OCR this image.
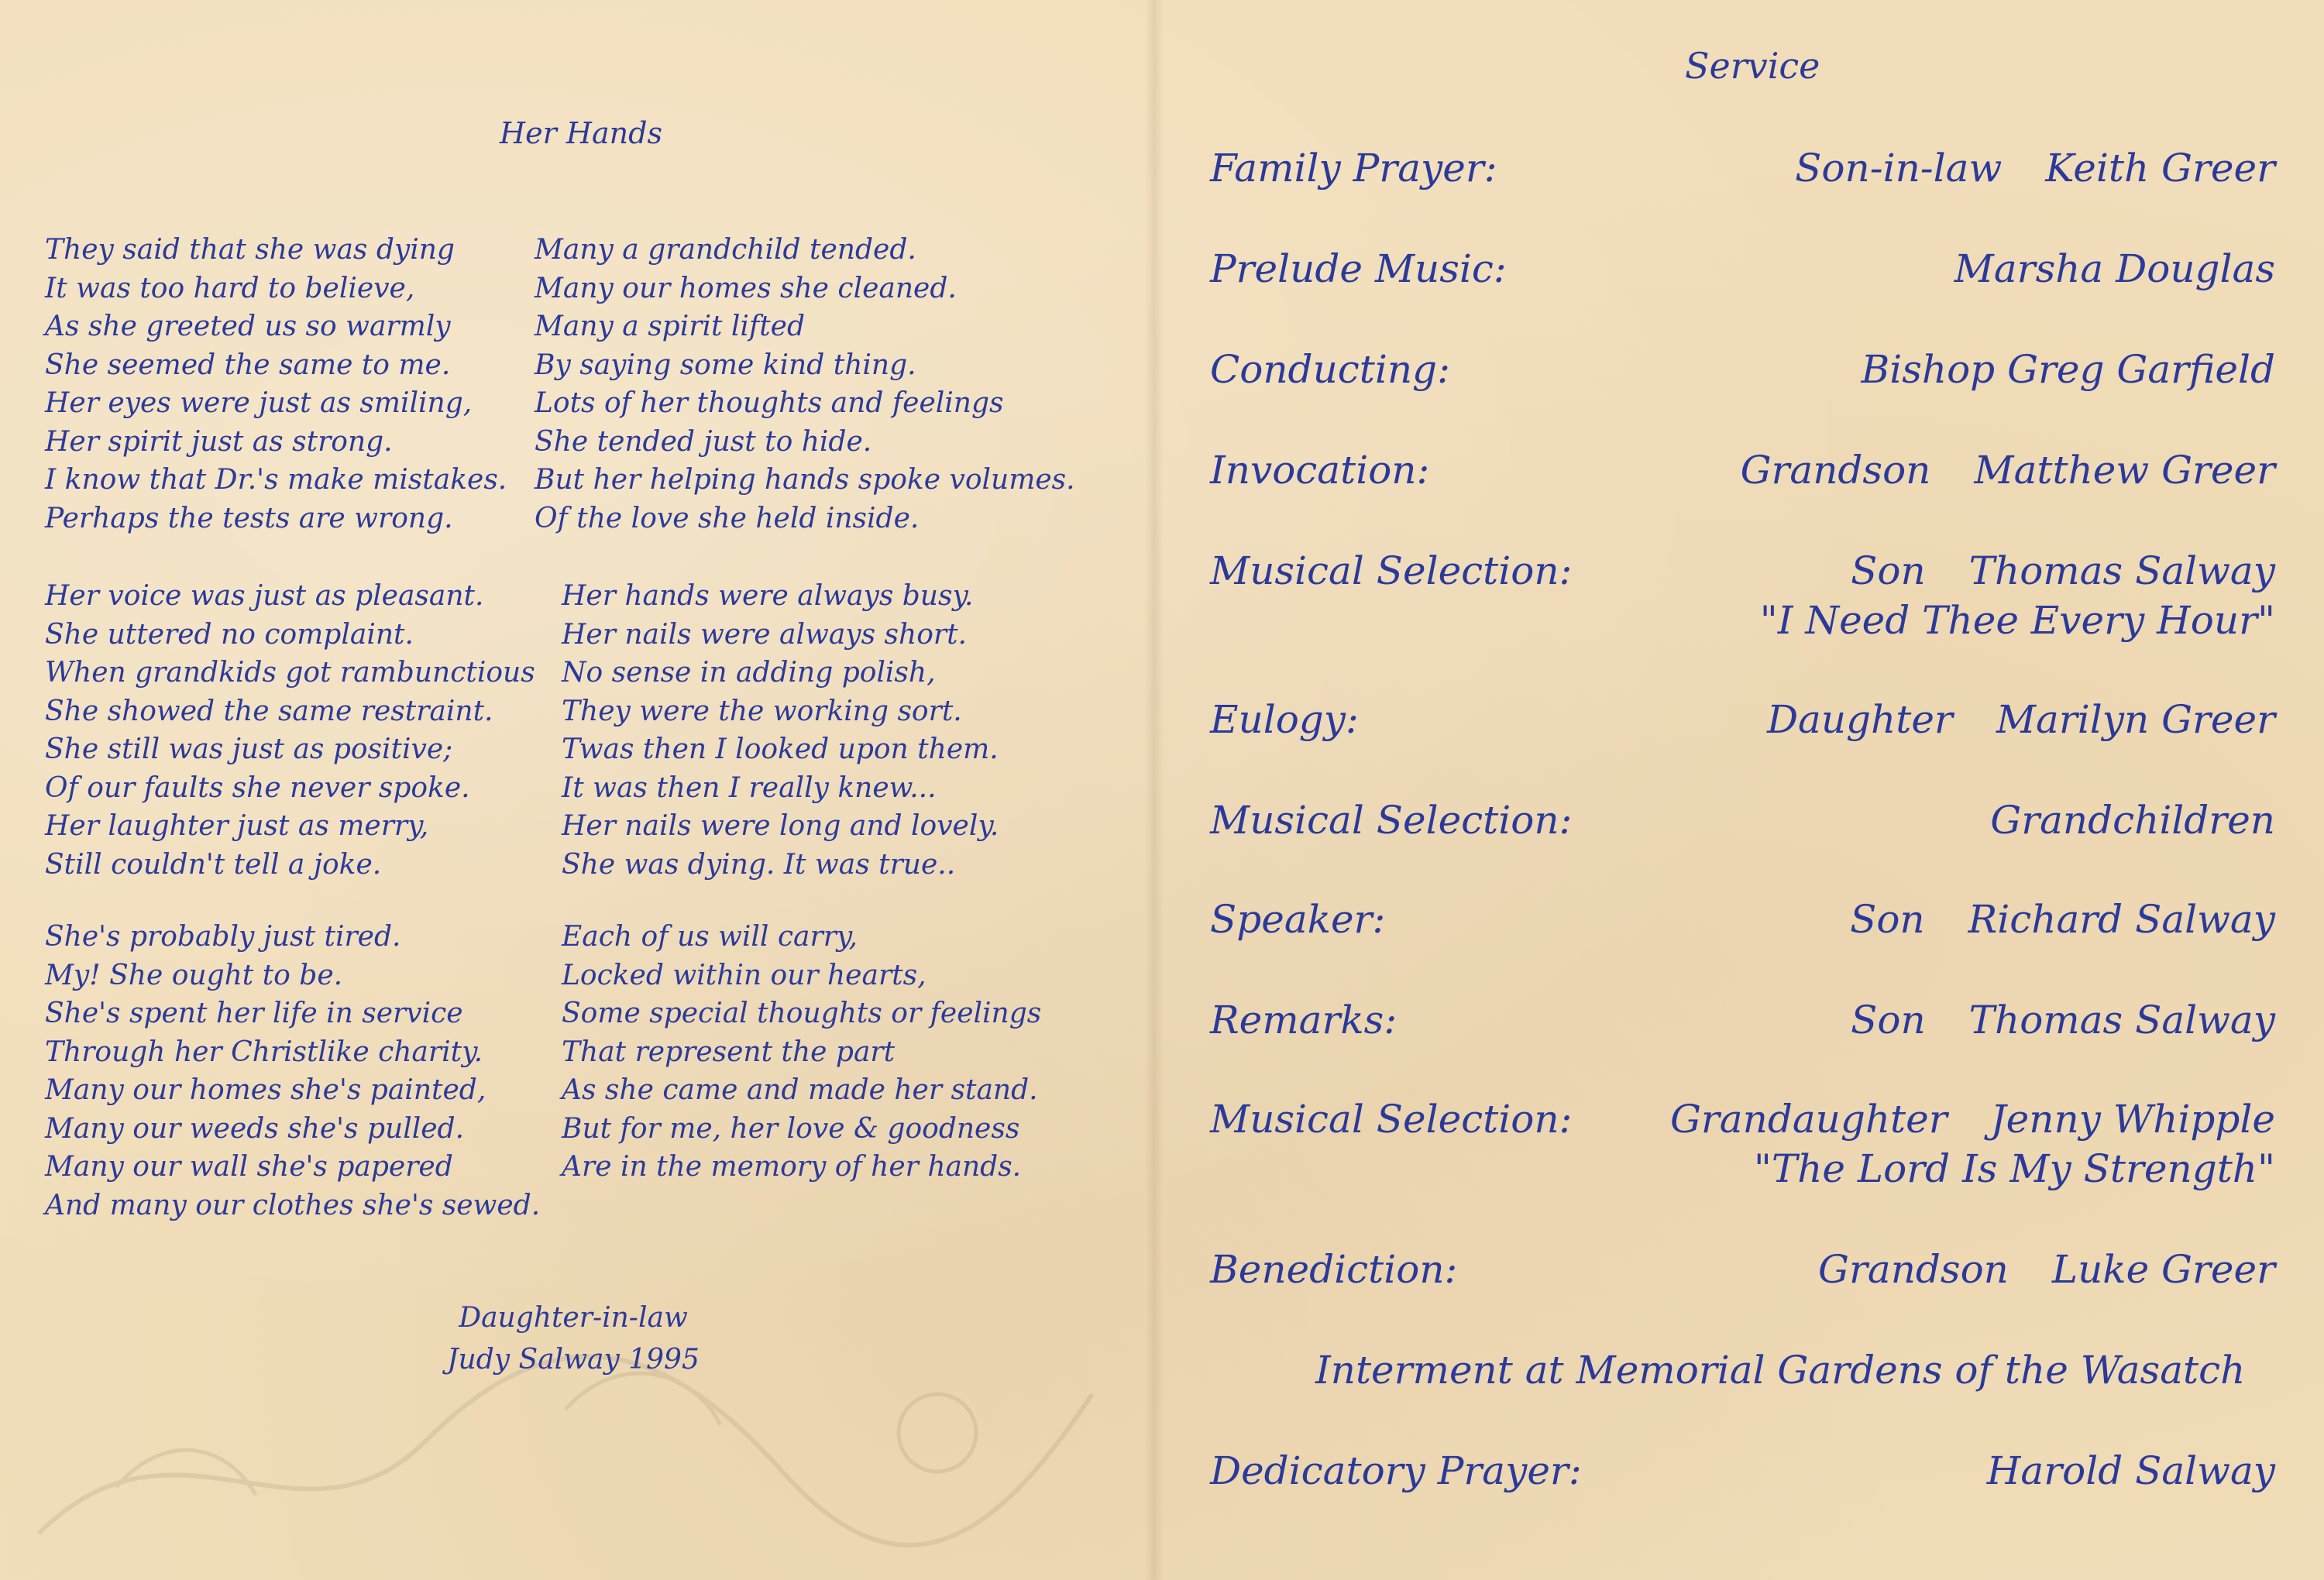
Her Hands
They said that she was dying
It was too hard to believe,
As she greeted us so warmly
She seemed the same to me.
Her eyes were just as smiling,
Her spirit just as strong.
I know that Dr.'s make mistakes.
Perhaps the tests are wrong.
Many a grandchild tended.
Many our homes she cleaned.
Many a spirit lifted
By saying some kind thing.
Lots of her thoughts and feelings
She tended just to hide.
But her helping hands spoke volumes.
Of the love she held inside.
Her voice was just as pleasant.
She uttered no complaint.
When grandkids got rambunctious
She showed the same restraint.
She still was just as positive;
Of our faults she never spoke.
Her laughter just as merry,
Still couldn't tell a joke.
Her hands were always busy.
Her nails were always short.
No sense in adding polish,
They were the working sort.
Twas then I looked upon them.
It was then I really knew...
Her nails were long and lovely.
She was dying. It was true..
She's probably just tired.
My! She ought to be.
She's spent her life in service
Through her Christlike charity.
Many our homes she's painted,
Many our weeds she's pulled.
Many our wall she's papered
And many our clothes she's sewed.
Each of us will carry,
Locked within our hearts,
Some special thoughts or feelings
That represent the part
As she came and made her stand.
But for me, her love & goodness
Are in the memory of her hands.
Daughter-in-law
Judy Salway 1995
Service
Family Prayer:	Son-in-law Keith Greer
Prelude Music:	Marsha Douglas
Conducting:	Bishop Greg Garfield
Invocation:	Grandson Matthew Greer
Musical Selection:	Son Thomas Salway
"I Need Thee Every Hour"
Eulogy:	Daughter Marilyn Greer
Musical Selection:	Grandchildren
Speaker:	Son Richard Salway
Remarks:	Son Thomas Salway
Musical Selection:	Grandaughter Jenny Whipple
"The Lord Is My Strength"
Benediction:	Grandson Luke Greer
Interment at Memorial Gardens of the Wasatch
Dedicatory Prayer:	Harold Salway
